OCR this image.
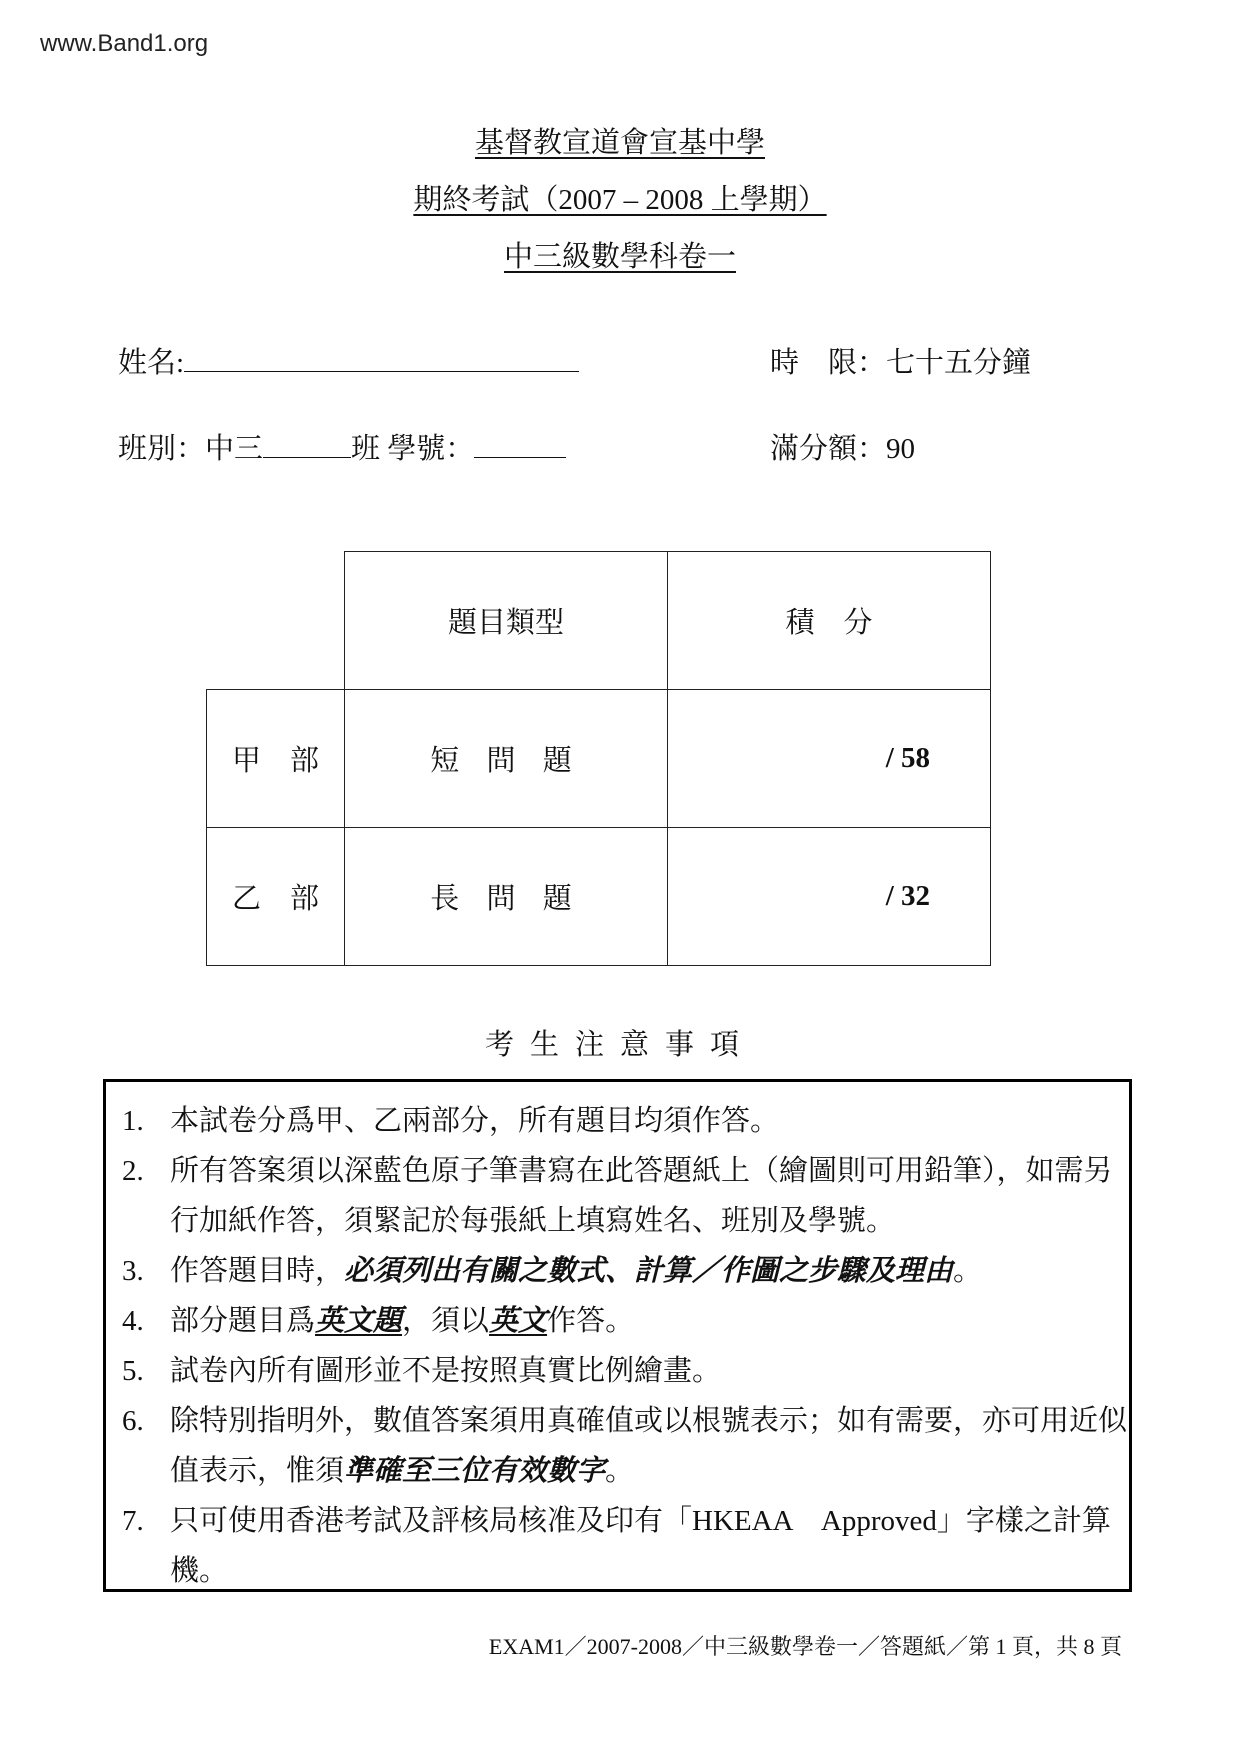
www.Band1.org
基督教宣道會宣基中學
期終考試（2007 – 2008 上學期）
中三級數學科卷一
姓名:	時　限：七十五分鐘
班別：中三	班 學號：	滿分額：90
	題目類型	積　分
甲　部	短 問 題	/ 58
乙　部	長 問 題	/ 32
考生注意事項
1. 本試卷分爲甲、乙兩部分，所有題目均須作答。
2. 所有答案須以深藍色原子筆書寫在此答題紙上（繪圖則可用鉛筆），如需另
行加紙作答，須緊記於每張紙上填寫姓名、班別及學號。
3. 作答題目時，必須列出有關之數式、計算／作圖之步驟及理由。
4. 部分題目爲英文題，須以英文作答。
5. 試卷內所有圖形並不是按照真實比例繪畫。
6. 除特別指明外，數值答案須用真確值或以根號表示；如有需要，亦可用近似
值表示，惟須準確至三位有效數字。
7. 只可使用香港考試及評核局核准及印有「HKEAA　Approved」字樣之計算
機。
EXAM1／2007-2008／中三級數學卷一／答題紙／第 1 頁，共 8 頁
